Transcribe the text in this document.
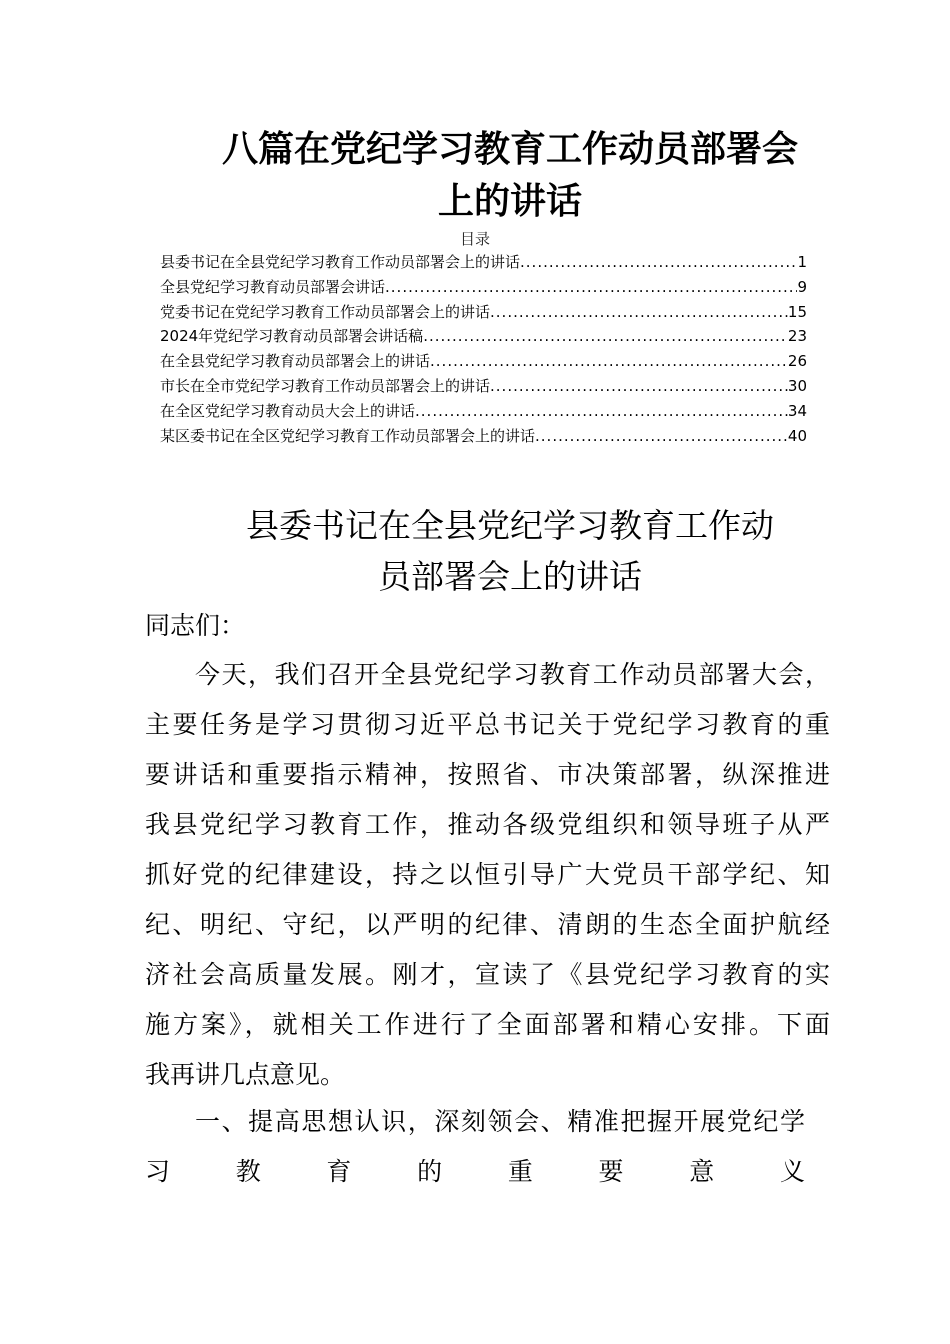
八篇在党纪学习教育工作动员部署会
上的讲话
目录
县委书记在全县党纪学习教育工作动员部署会上的讲话 .....	1
全县党纪学习教育动员部署会讲话 .....	9
党委书记在党纪学习教育工作动员部署会上的讲话 .....	15
2024年党纪学习教育动员部署会讲话稿 .....	23
在全县党纪学习教育动员部署会上的讲话 .....	26
市长在全市党纪学习教育工作动员部署会上的讲话 .....	30
在全区党纪学习教育动员大会上的讲话 .....	34
某区委书记在全区党纪学习教育工作动员部署会上的讲话 .....	40
县委书记在全县党纪学习教育工作动
员部署会上的讲话
同志们：
今天，我们召开全县党纪学习教育工作动员部署大会，
主要任务是学习贯彻习近平总书记关于党纪学习教育的重
要讲话和重要指示精神，按照省、市决策部署，纵深推进
我县党纪学习教育工作，推动各级党组织和领导班子从严
抓好党的纪律建设，持之以恒引导广大党员干部学纪、知
纪、明纪、守纪，以严明的纪律、清朗的生态全面护航经
济社会高质量发展。刚才，宣读了《县党纪学习教育的实
施方案》，就相关工作进行了全面部署和精心安排。下面
我再讲几点意见。
一、提高思想认识，深刻领会、精准把握开展党纪学
习教育的重要意义
